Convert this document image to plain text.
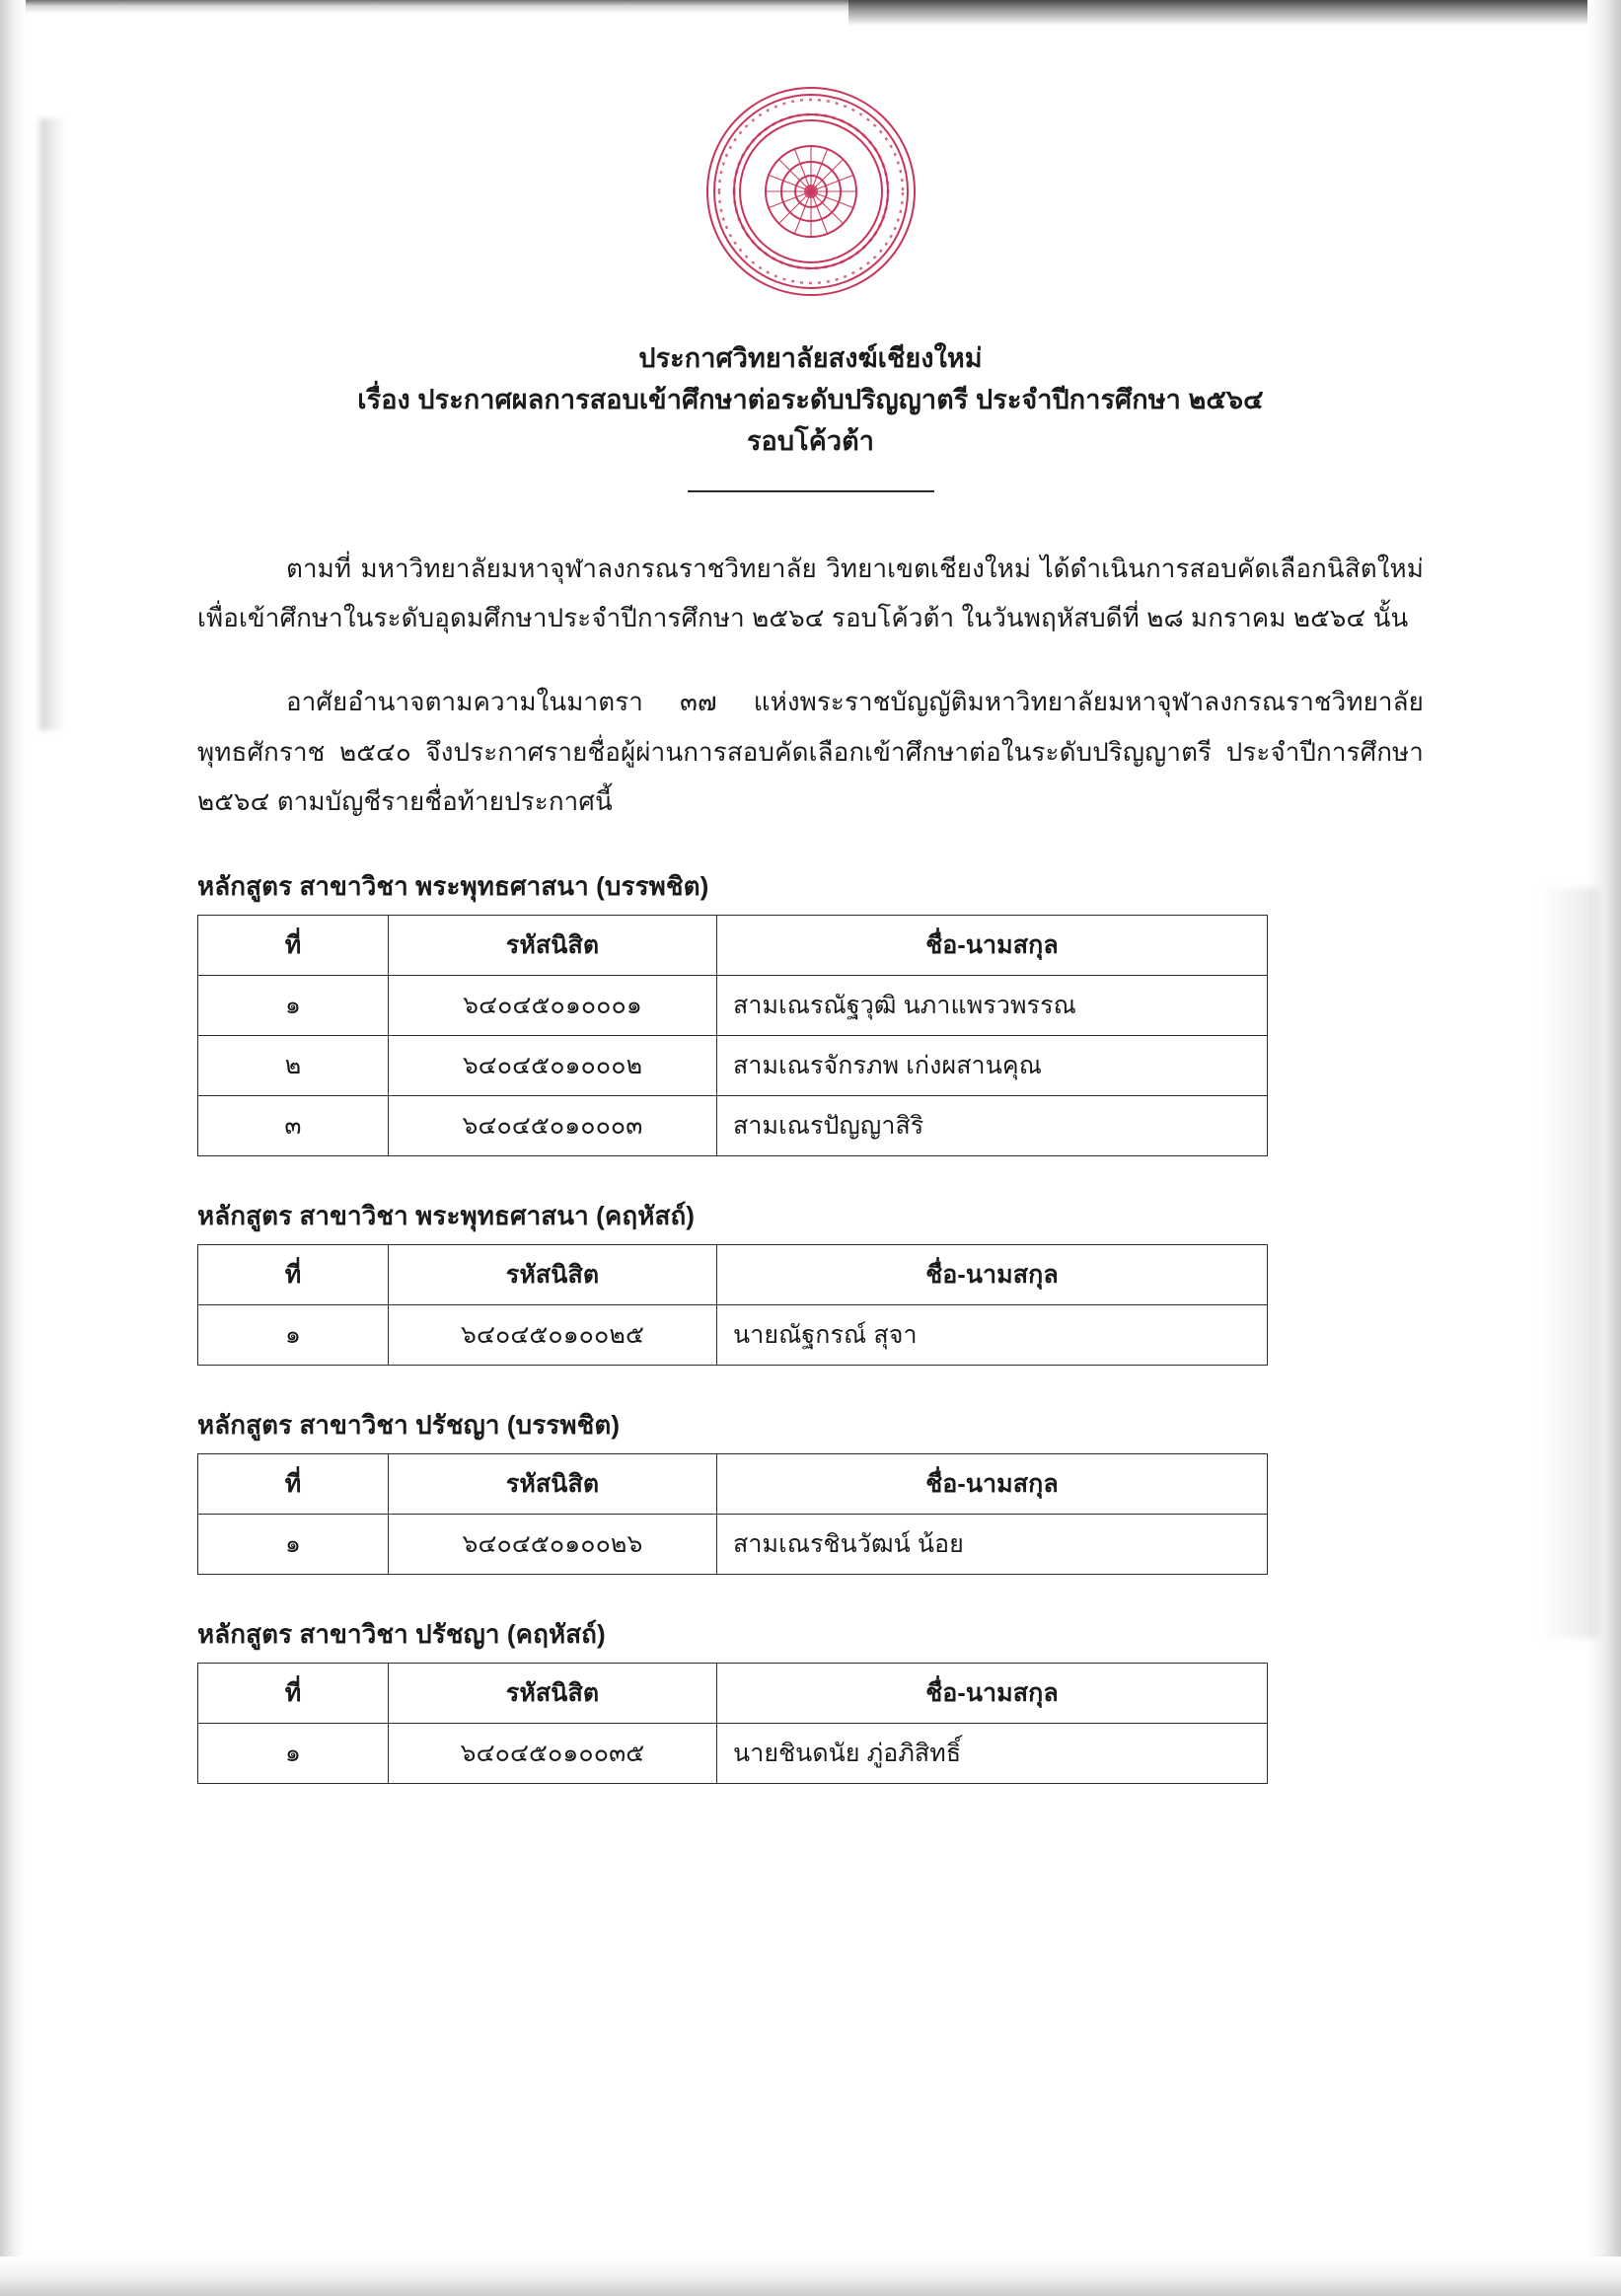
ประกาศวิทยาลัยสงฆ์เชียงใหม่
เรื่อง ประกาศผลการสอบเข้าศึกษาต่อระดับปริญญาตรี ประจำปีการศึกษา ๒๕๖๔
รอบโค้วต้า

ตามที่ มหาวิทยาลัยมหาจุฬาลงกรณราชวิทยาลัย วิทยาเขตเชียงใหม่ ได้ดำเนินการสอบคัดเลือกนิสิตใหม่ เพื่อเข้าศึกษาในระดับอุดมศึกษาประจำปีการศึกษา ๒๕๖๔ รอบโค้วต้า ในวันพฤหัสบดีที่ ๒๘ มกราคม ๒๕๖๔ นั้น

อาศัยอำนาจตามความในมาตรา ๓๗ แห่งพระราชบัญญัติมหาวิทยาลัยมหาจุฬาลงกรณราชวิทยาลัย พุทธศักราช ๒๕๔๐ จึงประกาศรายชื่อผู้ผ่านการสอบคัดเลือกเข้าศึกษาต่อในระดับปริญญาตรี ประจำปีการศึกษา ๒๕๖๔ ตามบัญชีรายชื่อท้ายประกาศนี้

หลักสูตร สาขาวิชา พระพุทธศาสนา (บรรพชิต)
ที่	รหัสนิสิต	ชื่อ-นามสกุล
๑	๖๔๐๔๕๐๑๐๐๐๑	สามเณรณัฐวุฒิ นภาแพรวพรรณ
๒	๖๔๐๔๕๐๑๐๐๐๒	สามเณรจักรภพ เก่งผสานคุณ
๓	๖๔๐๔๕๐๑๐๐๐๓	สามเณรปัญญาสิริ
หลักสูตร สาขาวิชา พระพุทธศาสนา (คฤหัสถ์)
ที่	รหัสนิสิต	ชื่อ-นามสกุล
๑	๖๔๐๔๕๐๑๐๐๒๕	นายณัฐกรณ์ สุจา
หลักสูตร สาขาวิชา ปรัชญา (บรรพชิต)
ที่	รหัสนิสิต	ชื่อ-นามสกุล
๑	๖๔๐๔๕๐๑๐๐๒๖	สามเณรชินวัฒน์ น้อย
หลักสูตร สาขาวิชา ปรัชญา (คฤหัสถ์)
ที่	รหัสนิสิต	ชื่อ-นามสกุล
๑	๖๔๐๔๕๐๑๐๐๓๕	นายชินดนัย ภู่อภิสิทธิ์
